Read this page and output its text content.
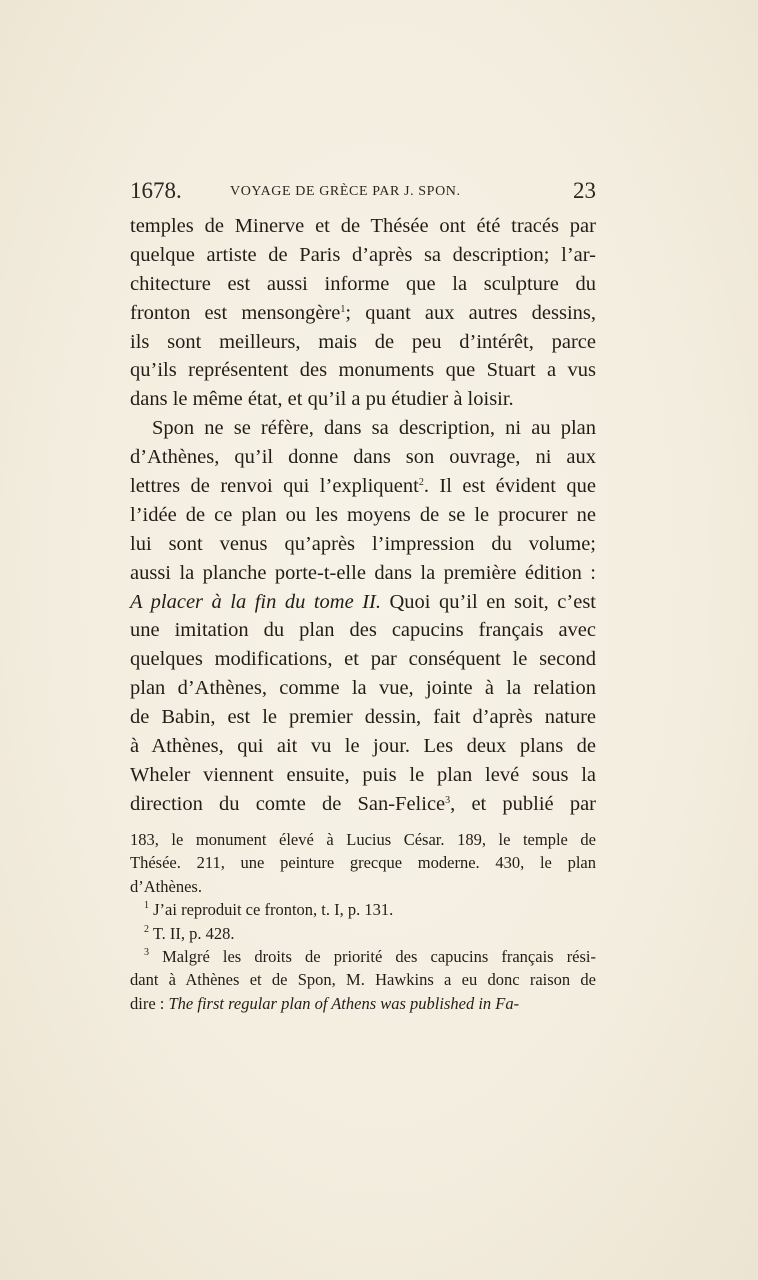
1678.	VOYAGE DE GRÈCE PAR J. SPON.	23
temples de Minerve et de Thésée ont été tracés par
quelque artiste de Paris d’après sa description; l’ar-
chitecture est aussi informe que la sculpture du
fronton est mensongère$^1$; quant aux autres dessins,
ils sont meilleurs, mais de peu d’intérêt, parce
qu’ils représentent des monuments que Stuart a vus
dans le même état, et qu’il a pu étudier à loisir.
Spon ne se réfère, dans sa description, ni au plan
d’Athènes, qu’il donne dans son ouvrage, ni aux
lettres de renvoi qui l’expliquent$^2$. Il est évident que
l’idée de ce plan ou les moyens de se le procurer ne
lui sont venus qu’après l’impression du volume;
aussi la planche porte-t-elle dans la première édition :
A placer à la fin du tome II. Quoi qu’il en soit, c’est
une imitation du plan des capucins français avec
quelques modifications, et par conséquent le second
plan d’Athènes, comme la vue, jointe à la relation
de Babin, est le premier dessin, fait d’après nature
à Athènes, qui ait vu le jour. Les deux plans de
Wheler viennent ensuite, puis le plan levé sous la
direction du comte de San-Felice$^3$, et publié par
183, le monument élevé à Lucius César. 189, le temple de
Thésée. 211, une peinture grecque moderne. 430, le plan
d’Athènes.
$^1$ J’ai reproduit ce fronton, t. I, p. 131.
$^2$ T. II, p. 428.
$^3$ Malgré les droits de priorité des capucins français rési-
dant à Athènes et de Spon, M. Hawkins a eu donc raison de
dire : The first regular plan of Athens was published in Fa-
